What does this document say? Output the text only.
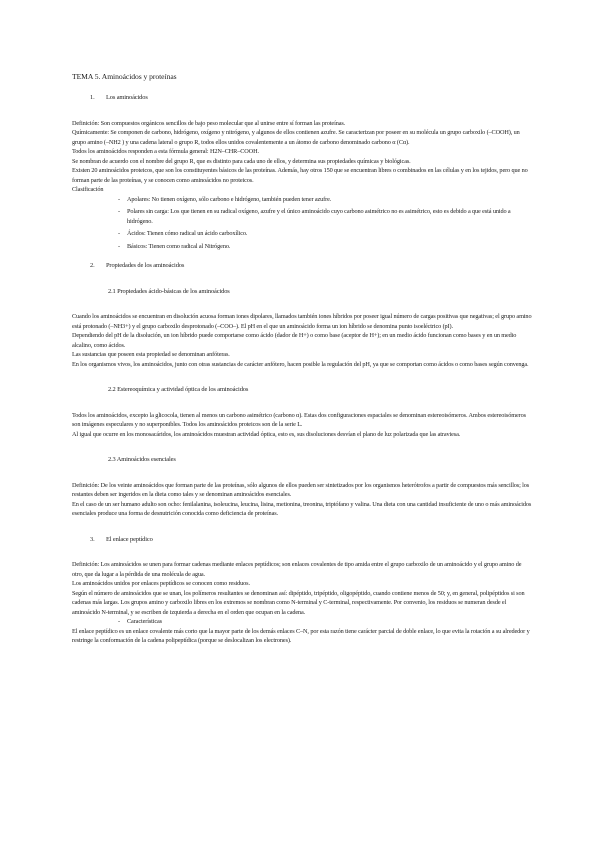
TEMA 5. Aminoácidos y proteínas

1. Los aminoácidos

Definición: Son compuestos orgánicos sencillos de bajo peso molecular que al unirse entre sí forman las proteínas.

Químicamente: Se componen de carbono, hidrógeno, oxígeno y nitrógeno, y algunos de ellos contienen azufre. Se caracterizan por poseer en su molécula un grupo carboxilo (–COOH), un grupo amino (–NH2 ) y una cadena lateral o grupo R, todos ellos unidos covalentemente a un átomo de carbono denominado carbono α (Cα).

Todos los aminoácidos responden a esta fórmula general: H2N–CHR–COOH.

Se nombran de acuerdo con el nombre del grupo R, que es distinto para cada uno de ellos, y determina sus propiedades químicas y biológicas.

Existen 20 aminoácidos proteicos, que son los constituyentes básicos de las proteínas. Además, hay otros 150 que se encuentran libres o combinados en las células y en los tejidos, pero que no forman parte de las proteínas, y se conocen como aminoácidos no proteicos.

Clasificación

- Apolares: No tienen oxígeno, sólo carbono e hidrógeno, también pueden tener azufre.
- Polares sin carga: Los que tienen en su radical oxígeno, azufre y el único aminoácido cuyo carbono asimétrico no es asimétrico, esto es debido a que está unido a hidrógeno.
- Ácidos: Tienen cómo radical un ácido carboxílico.
- Básicos: Tienen como radical al Nitrógeno.

2. Propiedades de los aminoácidos

2.1 Propiedades ácido-básicas de los aminoácidos

Cuando los aminoácidos se encuentran en disolución acuosa forman iones dipolares, llamados también iones híbridos por poseer igual número de cargas positivas que negativas; el grupo amino está protonado (–NH3+) y el grupo carboxilo desprotonado (–COO–). El pH en el que un aminoácido forma un ion híbrido se denomina punto isoeléctrico (pI).

Dependiendo del pH de la disolución, un ion híbrido puede comportarse como ácido (dador de H+) o como base (aceptor de H+); en un medio ácido funcionan como bases y en un medio alcalino, como ácidos.

Las sustancias que poseen esta propiedad se denominan anfóteras.

En los organismos vivos, los aminoácidos, junto con otras sustancias de carácter anfótero, hacen posible la regulación del pH, ya que se comportan como ácidos o como bases según convenga.

2.2 Estereoquímica y actividad óptica de los aminoácidos

Todos los aminoácidos, excepto la glicocola, tienen al menos un carbono asimétrico (carbono α). Estas dos configuraciones espaciales se denominan estereoisómeros. Ambos estereoisómeros son imágenes especulares y no superponibles. Todos los aminoácidos proteicos son de la serie L.

Al igual que ocurre en los monosacáridos, los aminoácidos muestran actividad óptica, esto es, sus disoluciones desvían el plano de luz polarizada que las atraviesa.

2.3 Aminoácidos esenciales

Definición: De los veinte aminoácidos que forman parte de las proteínas, sólo algunos de ellos pueden ser sintetizados por los organismos heterótrofos a partir de compuestos más sencillos; los restantes deben ser ingeridos en la dieta como tales y se denominan aminoácidos esenciales.

En el caso de un ser humano adulto son ocho: fenilalanina, isoleucina, leucina, lisina, metionina, treonina, triptófano y valina. Una dieta con una cantidad insuficiente de uno o más aminoácidos esenciales produce una forma de desnutrición conocida como deficiencia de proteínas.

3. El enlace peptídico

Definición: Los aminoácidos se unen para formar cadenas mediante enlaces peptídicos; son enlaces covalentes de tipo amida entre el grupo carboxilo de un aminoácido y el grupo amino de otro, que da lugar a la pérdida de una molécula de agua.

Los aminoácidos unidos por enlaces peptídicos se conocen como residuos.

Según el número de aminoácidos que se unan, los polímeros resultantes se denominan así: dipéptido, tripéptido, oligopéptido, cuando contiene menos de 50; y, en general, polipéptidos si son cadenas más largas. Los grupos amino y carboxilo libres en los extremos se nombran como N-terminal y C-terminal, respectivamente. Por convenio, los residuos se numeran desde el aminoácido N-terminal, y se escriben de izquierda a derecha en el orden que ocupan en la cadena.

- Características

El enlace peptídico es un enlace covalente más corto que la mayor parte de los demás enlaces C–N, por esta razón tiene carácter parcial de doble enlace, lo que evita la rotación a su alrededor y restringe la conformación de la cadena polipeptídica (porque se deslocalizan los electrones).
